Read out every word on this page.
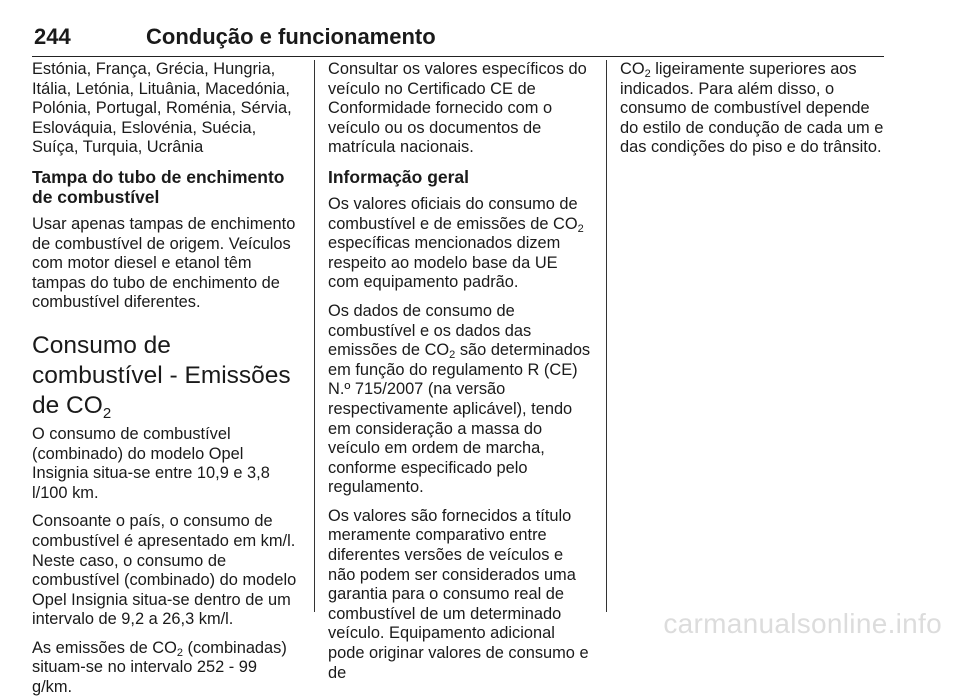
244	Condução e funcionamento

Estónia, França, Grécia, Hungria, Itália, Letónia, Lituânia, Macedónia, Polónia, Portugal, Roménia, Sérvia, Eslováquia, Eslovénia, Suécia, Suíça, Turquia, Ucrânia

Tampa do tubo de enchimento de combustível

Usar apenas tampas de enchimento de combustível de origem. Veículos com motor diesel e etanol têm tampas do tubo de enchimento de combustível diferentes.

Consumo de combustível - Emissões de $CO_2$

O consumo de combustível (combinado) do modelo Opel Insignia situa-se entre 10,9 e 3,8 l/100 km.

Consoante o país, o consumo de combustível é apresentado em km/l. Neste caso, o consumo de combustível (combinado) do modelo Opel Insignia situa-se dentro de um intervalo de 9,2 a 26,3 km/l.

As emissões de $CO_2$ (combinadas) situam-se no intervalo 252 - 99 g/km.

Consultar os valores específicos do veículo no Certificado CE de Conformidade fornecido com o veículo ou os documentos de matrícula nacionais.

Informação geral

Os valores oficiais do consumo de combustível e de emissões de $CO_2$ específicas mencionados dizem respeito ao modelo base da UE com equipamento padrão.

Os dados de consumo de combustível e os dados das emissões de $CO_2$ são determinados em função do regulamento R (CE) N.º 715/2007 (na versão respectivamente aplicável), tendo em consideração a massa do veículo em ordem de marcha, conforme especificado pelo regulamento.

Os valores são fornecidos a título meramente comparativo entre diferentes versões de veículos e não podem ser considerados uma garantia para o consumo real de combustível de um determinado veículo. Equipamento adicional pode originar valores de consumo e de

$CO_2$ ligeiramente superiores aos indicados. Para além disso, o consumo de combustível depende do estilo de condução de cada um e das condições do piso e do trânsito.

carmanualsonline.info
